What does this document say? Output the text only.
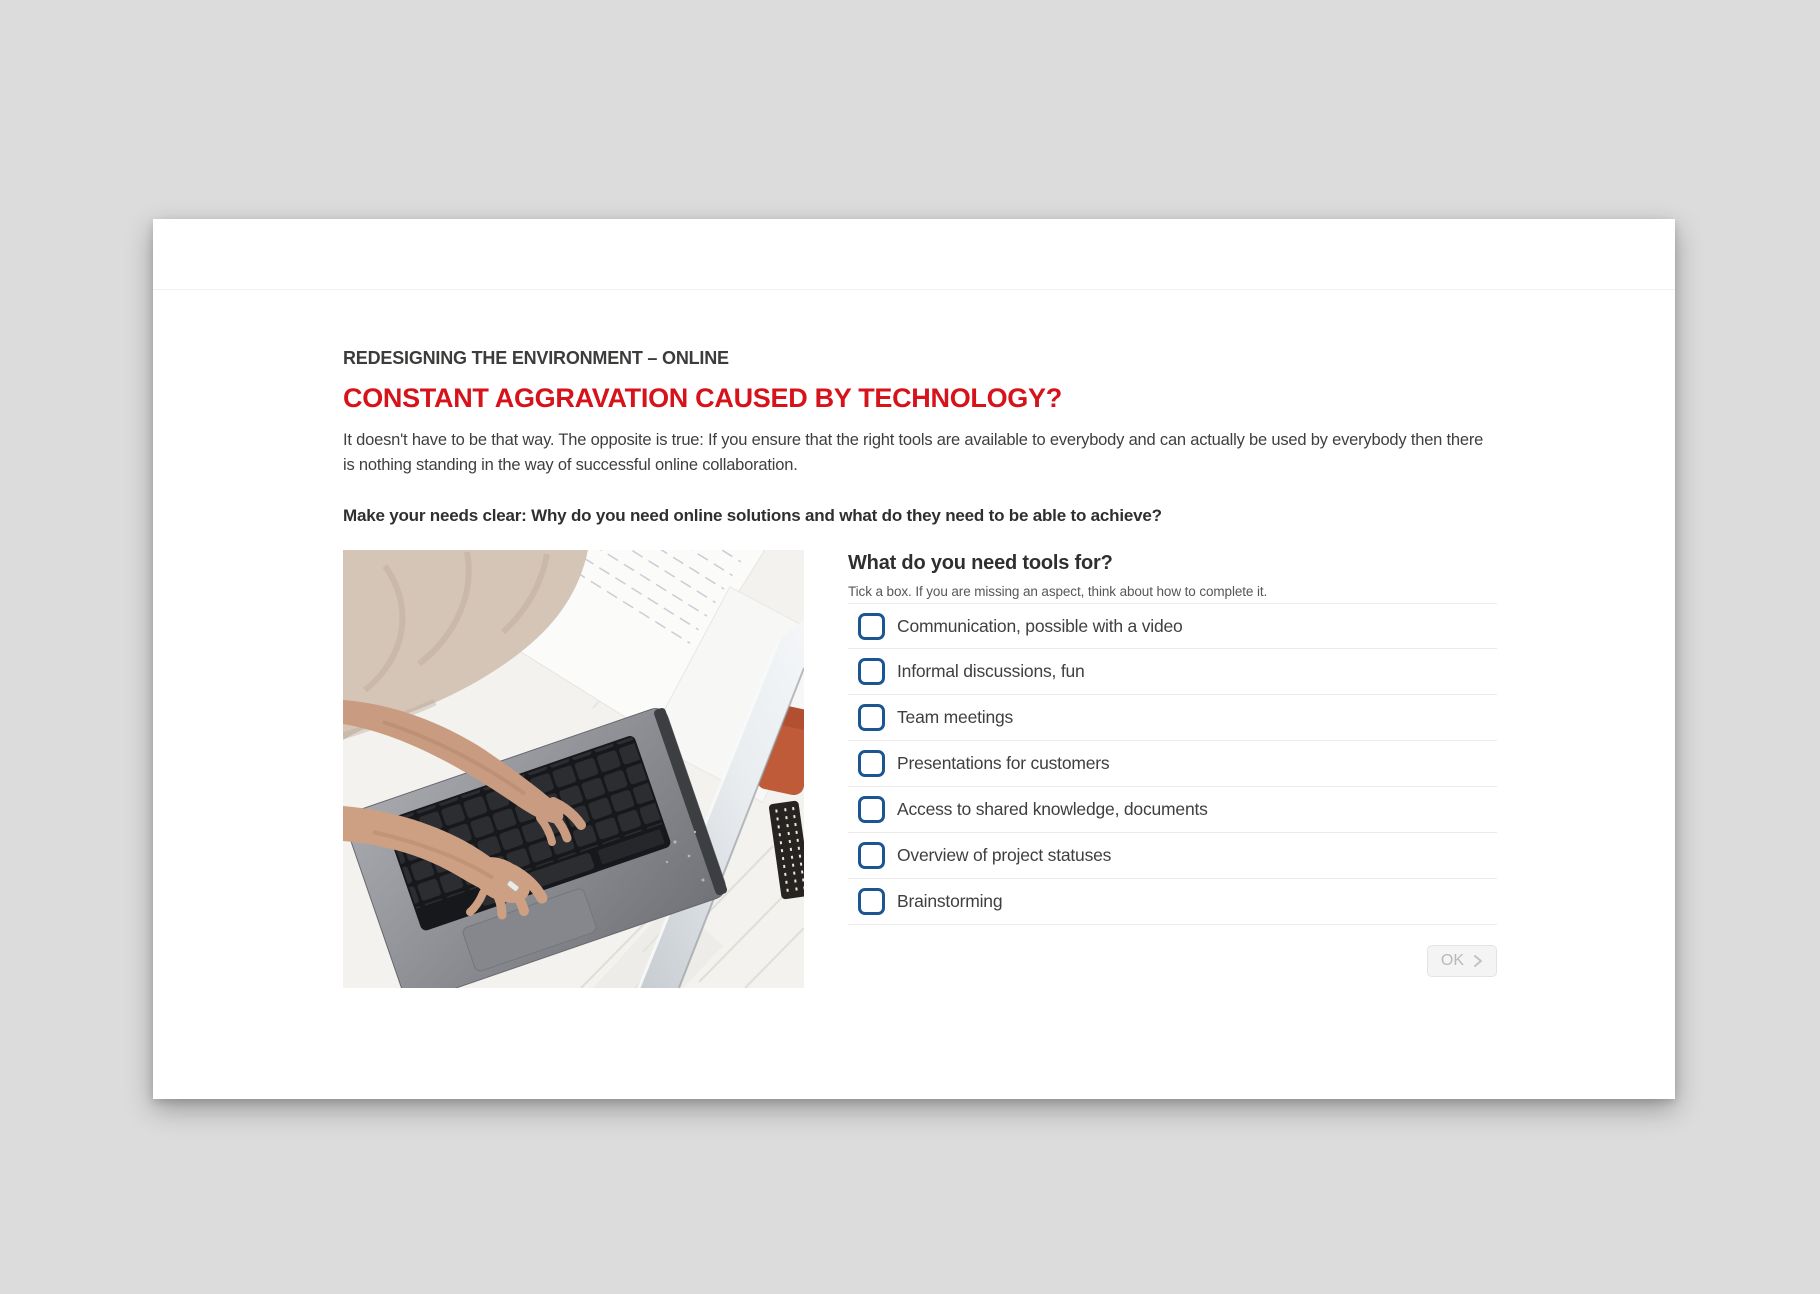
REDESIGNING THE ENVIRONMENT – ONLINE
CONSTANT AGGRAVATION CAUSED BY TECHNOLOGY?

It doesn't have to be that way. The opposite is true: If you ensure that the right tools are available to everybody and can actually be used by everybody then there is nothing standing in the way of successful online collaboration.

Make your needs clear: Why do you need online solutions and what do they need to be able to achieve?

What do you need tools for?
Tick a box. If you are missing an aspect, think about how to complete it.
Communication, possible with a video
Informal discussions, fun
Team meetings
Presentations for customers
Access to shared knowledge, documents
Overview of project statuses
Brainstorming
OK
